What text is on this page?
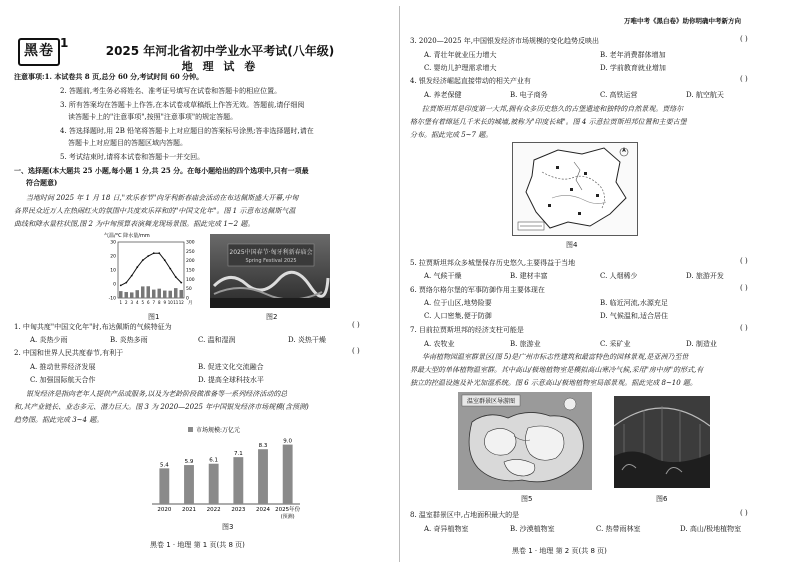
黑卷 1
2025 年河北省初中学业水平考试(八年级)
地 理 试 卷
注意事项:1. 本试卷共 8 页,总分 60 分,考试时间 60 分钟。
2. 答题前,考生务必将姓名、准考证号填写在试卷和答题卡的相应位置。
3. 所有答案均在答题卡上作答,在本试卷或草稿纸上作答无效。答题前,请仔细阅
读答题卡上的"注意事项",按照"注意事项"的规定答题。
4. 答选择题时,用 2B 铅笔将答题卡上对应题目的答案标号涂黑;答非选择题时,请在
答题卡上对应题目的答题区域内答题。
5. 考试结束时,请将本试卷和答题卡一并交回。
一、选择题(本大题共 25 小题,每小题 1 分,共 25 分。在每小题给出的四个选项中,只有一项最
符合题意)
当地时间 2025 年 1 月 18 日,"欢乐春节"向牙利新春庙会活动在布达佩斯盛大开幕,中匈
各界民众近万人在热闹红火的氛围中共度欢乐祥和的"中国文化年"。图 1 示意布达佩斯气温
曲线和降水量柱状图,图 2 为中匈预算表演舞龙现场景图。据此完成 1~2 题。
气温/°C 降水量/mm
30
20
10
0
-10
300
250
200
150
100
50
0
1 2 3 4 5 6 7 8 9 10 11 12 月
图1
2025中国春节·匈牙利新春庙会
Spring Festival 2025
图2
1. 中匈共度"中国文化年"时,布达佩斯的气候特征为	( )
A. 炎热少雨	B. 炎热多雨	C. 温和湿润	D. 炎热干燥
2. 中国和世界人民共度春节,有利于	( )
A. 推动世界经济发展	B. 促进文化交流融合
C. 加强国际航天合作	D. 提高全球科技水平
银发经济是指向老年人提供产品或服务,以及为老龄阶段做准备等一系列经济活动的总
和,其产业链长、业态多元、潜力巨大。图 3 为 2020—2025 年中国银发经济市场规模(含预测)
趋势图。据此完成 3~4 题。
市场规模:万亿元
5.4
2020
5.9
2021
6.1
2022
7.1
2023
8.3
2024
9.0
2025年份
(预测)
图3
黑卷 1 · 地理 第 1 页(共 8 页)
万唯中考《黑白卷》助你明确中考新方向
3. 2020—2025 年,中国银发经济市场规模的变化趋势反映出	( )
A. 青壮年就业压力增大	B. 老年消费群体增加
C. 婴幼儿护理需求增大	D. 学前教育就业增加
4. 银发经济崛起直接带动的相关产业有	( )
A. 养老保健	B. 电子商务	C. 高铁运营	D. 航空航天
拉贾斯坦邦是印度第一大邦,拥有众多历史悠久的古堡遗迹和独特的自然景观。贾络尔
格尔堡有着绵延几千米长的城墙,被称为"印度长城"。图 4 示意拉贾斯坦邦位置和主要古堡
分布。据此完成 5~7 题。
图4
5. 拉贾斯坦邦众多城堡保存历史悠久,主要得益于当地	( )
A. 气候干燥	B. 建材丰富	C. 人烟稀少	D. 旅游开发
6. 贾络尔格尔堡的军事防御作用主要体现在	( )
A. 位于山区,地势险要	B. 临近河流,水源充足
C. 人口密集,便于防御	D. 气候温和,适合居住
7. 目前拉贾斯坦邦的经济支柱可能是	( )
A. 农牧业	B. 旅游业	C. 采矿业	D. 制造业
华南植物园温室群景区(图 5)是广州市标志性建筑和最富特色的园林景观,是亚洲乃至世
界最大型的单体植物温室群。其中高山/极地植物室是模拟高山寒冷气候,采用"房中房"的形式,有
独立的控温设施及补光加湿系统。图 6 示意高山/极地植物室局部景观。据此完成 8~10 题。
温室群景区导游图
图5	图6
8. 温室群景区中,占地面积最大的是	( )
A. 奇异植物室	B. 沙漠植物室	C. 热带雨林室	D. 高山/极地植物室
黑卷 1 · 地理 第 2 页(共 8 页)
